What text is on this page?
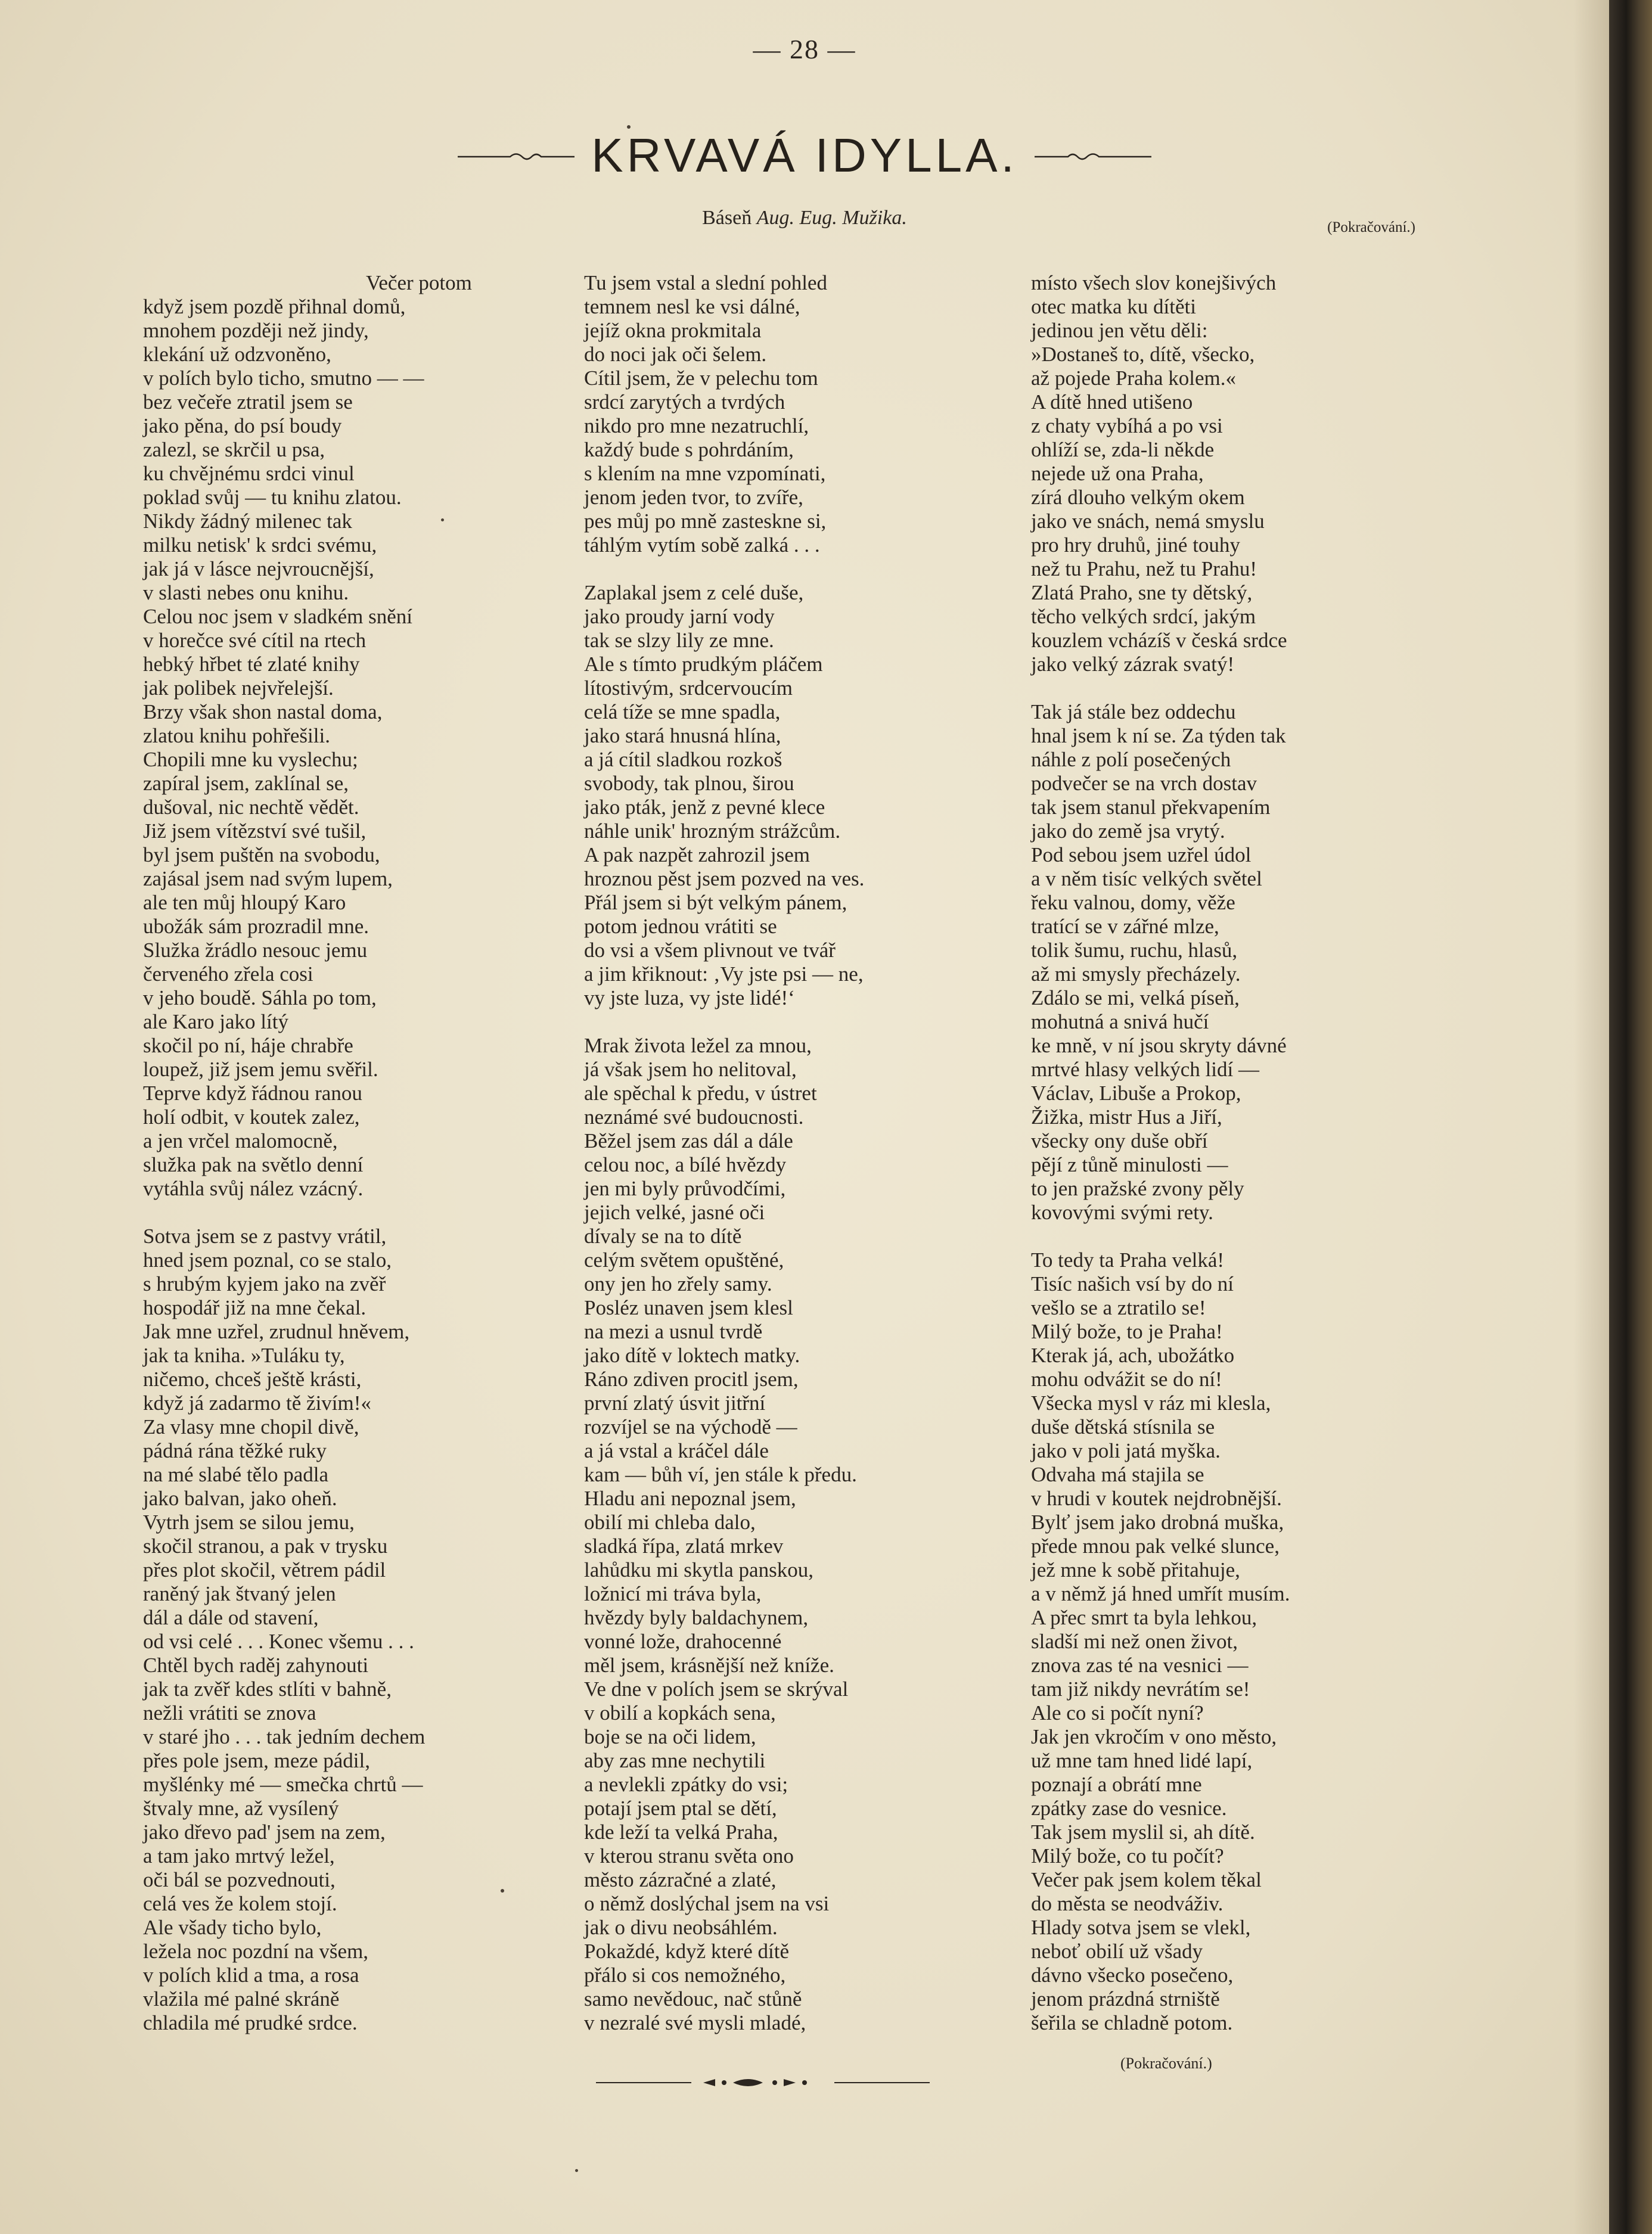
— 28 —
KRVAVÁ IDYLLA.
Báseň Aug. Eug. Mužika.	(Pokračování.)
Večer potom
když jsem pozdě přihnal domů,
mnohem později než jindy,
klekání už odzvoněno,
v polích bylo ticho, smutno — —
bez večeře ztratil jsem se
jako pěna, do psí boudy
zalezl, se skrčil u psa,
ku chvějnému srdci vinul
poklad svůj — tu knihu zlatou.
Nikdy žádný milenec tak
milku netisk' k srdci svému,
jak já v lásce nejvroucnější,
v slasti nebes onu knihu.
Celou noc jsem v sladkém snění
v horečce své cítil na rtech
hebký hřbet té zlaté knihy
jak polibek nejvřelejší.
Brzy však shon nastal doma,
zlatou knihu pohřešili.
Chopili mne ku vyslechu;
zapíral jsem, zaklínal se,
dušoval, nic nechtě vědět.
Již jsem vítězství své tušil,
byl jsem puštěn na svobodu,
zajásal jsem nad svým lupem,
ale ten můj hloupý Karo
ubožák sám prozradil mne.
Služka žrádlo nesouc jemu
červeného zřela cosi
v jeho boudě. Sáhla po tom,
ale Karo jako lítý
skočil po ní, háje chrabře
loupež, již jsem jemu svěřil.
Teprve když řádnou ranou
holí odbit, v koutek zalez,
a jen vrčel malomocně,
služka pak na světlo denní
vytáhla svůj nález vzácný.
Sotva jsem se z pastvy vrátil,
hned jsem poznal, co se stalo,
s hrubým kyjem jako na zvěř
hospodář již na mne čekal.
Jak mne uzřel, zrudnul hněvem,
jak ta kniha. »Tuláku ty,
ničemo, chceš ještě krásti,
když já zadarmo tě živím!«
Za vlasy mne chopil divě,
pádná rána těžké ruky
na mé slabé tělo padla
jako balvan, jako oheň.
Vytrh jsem se silou jemu,
skočil stranou, a pak v trysku
přes plot skočil, větrem pádil
raněný jak štvaný jelen
dál a dále od stavení,
od vsi celé . . . Konec všemu . . .
Chtěl bych raděj zahynouti
jak ta zvěř kdes stlíti v bahně,
nežli vrátiti se znova
v staré jho . . . tak jedním dechem
přes pole jsem, meze pádil,
myšlénky mé — smečka chrtů —
štvaly mne, až vysílený
jako dřevo pad' jsem na zem,
a tam jako mrtvý ležel,
oči bál se pozvednouti,
celá ves že kolem stojí.
Ale všady ticho bylo,
ležela noc pozdní na všem,
v polích klid a tma, a rosa
vlažila mé palné skráně
chladila mé prudké srdce.
Tu jsem vstal a slední pohled
temnem nesl ke vsi dálné,
jejíž okna prokmitala
do noci jak oči šelem.
Cítil jsem, že v pelechu tom
srdcí zarytých a tvrdých
nikdo pro mne nezatruchlí,
každý bude s pohrdáním,
s klením na mne vzpomínati,
jenom jeden tvor, to zvíře,
pes můj po mně zasteskne si,
táhlým vytím sobě zalká . . .
Zaplakal jsem z celé duše,
jako proudy jarní vody
tak se slzy lily ze mne.
Ale s tímto prudkým pláčem
lítostivým, srdcervoucím
celá tíže se mne spadla,
jako stará hnusná hlína,
a já cítil sladkou rozkoš
svobody, tak plnou, širou
jako pták, jenž z pevné klece
náhle unik' hrozným strážcům.
A pak nazpět zahrozil jsem
hroznou pěst jsem pozved na ves.
Přál jsem si být velkým pánem,
potom jednou vrátiti se
do vsi a všem plivnout ve tvář
a jim křiknout: ‚Vy jste psi — ne,
vy jste luza, vy jste lidé!‘
Mrak života ležel za mnou,
já však jsem ho nelitoval,
ale spěchal k předu, v ústret
neznámé své budoucnosti.
Běžel jsem zas dál a dále
celou noc, a bílé hvězdy
jen mi byly průvodčími,
jejich velké, jasné oči
dívaly se na to dítě
celým světem opuštěné,
ony jen ho zřely samy.
Posléz unaven jsem klesl
na mezi a usnul tvrdě
jako dítě v loktech matky.
Ráno zdiven procitl jsem,
první zlatý úsvit jitřní
rozvíjel se na východě —
a já vstal a kráčel dále
kam — bůh ví, jen stále k předu.
Hladu ani nepoznal jsem,
obilí mi chleba dalo,
sladká řípa, zlatá mrkev
lahůdku mi skytla panskou,
ložnicí mi tráva byla,
hvězdy byly baldachynem,
vonné lože, drahocenné
měl jsem, krásnější než kníže.
Ve dne v polích jsem se skrýval
v obilí a kopkách sena,
boje se na oči lidem,
aby zas mne nechytili
a nevlekli zpátky do vsi;
potají jsem ptal se dětí,
kde leží ta velká Praha,
v kterou stranu světa ono
město zázračné a zlaté,
o němž doslýchal jsem na vsi
jak o divu neobsáhlém.
Pokaždé, když které dítě
přálo si cos nemožného,
samo nevědouc, nač stůně
v nezralé své mysli mladé,
místo všech slov konejšivých
otec matka ku dítěti
jedinou jen větu děli:
»Dostaneš to, dítě, všecko,
až pojede Praha kolem.«
A dítě hned utišeno
z chaty vybíhá a po vsi
ohlíží se, zda-li někde
nejede už ona Praha,
zírá dlouho velkým okem
jako ve snách, nemá smyslu
pro hry druhů, jiné touhy
než tu Prahu, než tu Prahu!
Zlatá Praho, sne ty dětský,
těcho velkých srdcí, jakým
kouzlem vcházíš v česká srdce
jako velký zázrak svatý!
Tak já stále bez oddechu
hnal jsem k ní se. Za týden tak
náhle z polí posečených
podvečer se na vrch dostav
tak jsem stanul překvapením
jako do země jsa vrytý.
Pod sebou jsem uzřel údol
a v něm tisíc velkých světel
řeku valnou, domy, věže
tratící se v zářné mlze,
tolik šumu, ruchu, hlasů,
až mi smysly přecházely.
Zdálo se mi, velká píseň,
mohutná a snivá hučí
ke mně, v ní jsou skryty dávné
mrtvé hlasy velkých lidí —
Václav, Libuše a Prokop,
Žižka, mistr Hus a Jiří,
všecky ony duše obří
pějí z tůně minulosti —
to jen pražské zvony pěly
kovovými svými rety.
To tedy ta Praha velká!
Tisíc našich vsí by do ní
vešlo se a ztratilo se!
Milý bože, to je Praha!
Kterak já, ach, ubožátko
mohu odvážit se do ní!
Všecka mysl v ráz mi klesla,
duše dětská stísnila se
jako v poli jatá myška.
Odvaha má stajila se
v hrudi v koutek nejdrobnější.
Bylť jsem jako drobná muška,
přede mnou pak velké slunce,
jež mne k sobě přitahuje,
a v němž já hned umřít musím.
A přec smrt ta byla lehkou,
sladší mi než onen život,
znova zas té na vesnici —
tam již nikdy nevrátím se!
Ale co si počít nyní?
Jak jen vkročím v ono město,
už mne tam hned lidé lapí,
poznají a obrátí mne
zpátky zase do vesnice.
Tak jsem myslil si, ah dítě.
Milý bože, co tu počít?
Večer pak jsem kolem těkal
do města se neodváživ.
Hlady sotva jsem se vlekl,
neboť obilí už všady
dávno všecko posečeno,
jenom prázdná strniště
šeřila se chladně potom.
(Pokračování.)
